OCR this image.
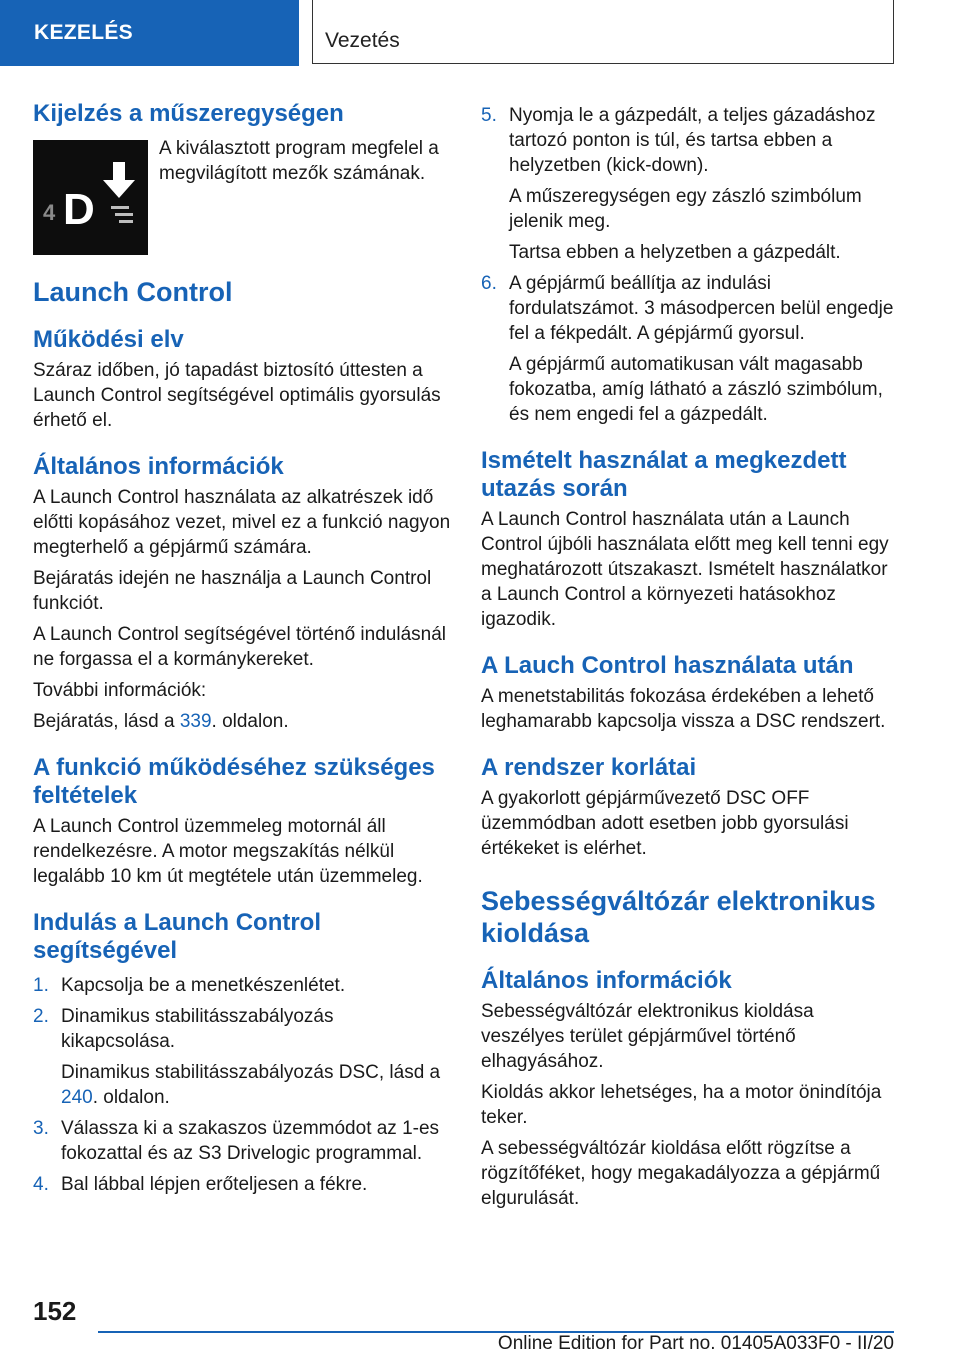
KEZELÉS	Vezetés
Kijelzés a műszeregységen
4 D

A kiválasztott program megfelel a megvilágított mezők számának.

Launch Control
Működési elv

Száraz időben, jó tapadást biztosító úttesten a Launch Control segítségével optimális gyorsulás érhető el.

Általános információk

A Launch Control használata az alkatrészek idő előtti kopásához vezet, mivel ez a funkció nagyon megterhelő a gépjármű számára.

Bejáratás idején ne használja a Launch Control funkciót.

A Launch Control segítségével történő indulásnál ne forgassa el a kormánykereket.

További információk:

Bejáratás, lásd a 339. oldalon.

A funkció működéséhez szükséges feltételek

A Launch Control üzemmeleg motornál áll rendelkezésre. A motor megszakítás nélkül legalább 10 km út megtétele után üzemmeleg.

Indulás a Launch Control segítségével
1. Kapcsolja be a menetkészenlétet.
2. Dinamikus stabilitásszabályozás kikapcsolása.
Dinamikus stabilitásszabályozás DSC, lásd a 240. oldalon.
3. Válassza ki a szakaszos üzemmódot az 1-es fokozattal és az S3 Drivelogic programmal.
4. Bal lábbal lépjen erőteljesen a fékre.
5. Nyomja le a gázpedált, a teljes gázadáshoz tartozó ponton is túl, és tartsa ebben a helyzetben (kick-down).
A műszeregységen egy zászló szimbólum jelenik meg.
Tartsa ebben a helyzetben a gázpedált.
6. A gépjármű beállítja az indulási fordulatszámot. 3 másodpercen belül engedje fel a fékpedált. A gépjármű gyorsul.
A gépjármű automatikusan vált magasabb fokozatba, amíg látható a zászló szimbólum, és nem engedi fel a gázpedált.
Ismételt használat a megkezdett utazás során

A Launch Control használata után a Launch Control újbóli használata előtt meg kell tenni egy meghatározott útszakaszt. Ismételt használatkor a Launch Control a környezeti hatásokhoz igazodik.

A Lauch Control használata után

A menetstabilitás fokozása érdekében a lehető leghamarabb kapcsolja vissza a DSC rendszert.

A rendszer korlátai

A gyakorlott gépjárművezető DSC OFF üzemmódban adott esetben jobb gyorsulási értékeket is elérhet.

Sebességváltózár elektronikus kioldása
Általános információk

Sebességváltózár elektronikus kioldása veszélyes terület gépjárművel történő elhagyásához.

Kioldás akkor lehetséges, ha a motor önindítója teker.

A sebességváltózár kioldása előtt rögzítse a rögzítőféket, hogy megakadályozza a gépjármű elgurulását.

152
Online Edition for Part no. 01405A033F0 - II/20
